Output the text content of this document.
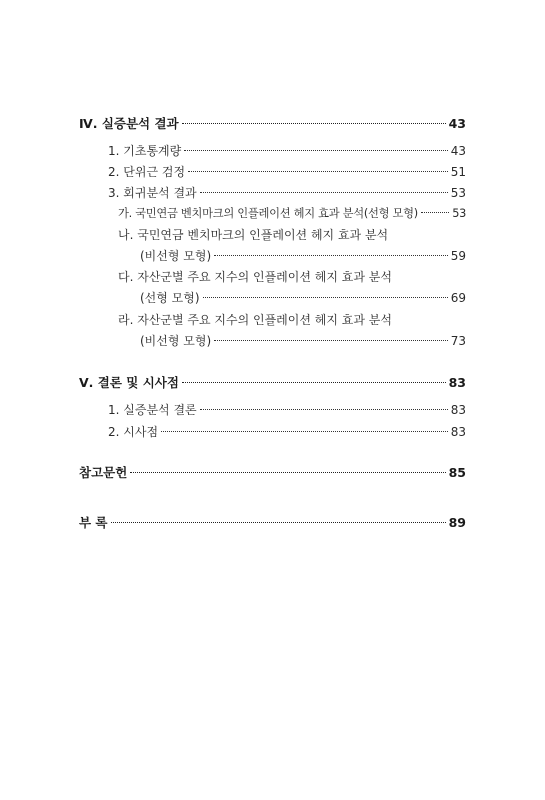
Ⅳ. 실증분석 결과	43
1. 기초통계량	43
2. 단위근 검정	51
3. 회귀분석 결과	53
가. 국민연금 벤치마크의 인플레이션 헤지 효과 분석(선형 모형)	53
나. 국민연금 벤치마크의 인플레이션 헤지 효과 분석
(비선형 모형)	59
다. 자산군별 주요 지수의 인플레이션 헤지 효과 분석
(선형 모형)	69
라. 자산군별 주요 지수의 인플레이션 헤지 효과 분석
(비선형 모형)	73
Ⅴ. 결론 및 시사점	83
1. 실증분석 결론	83
2. 시사점	83
참고문헌	85
부 록	89
